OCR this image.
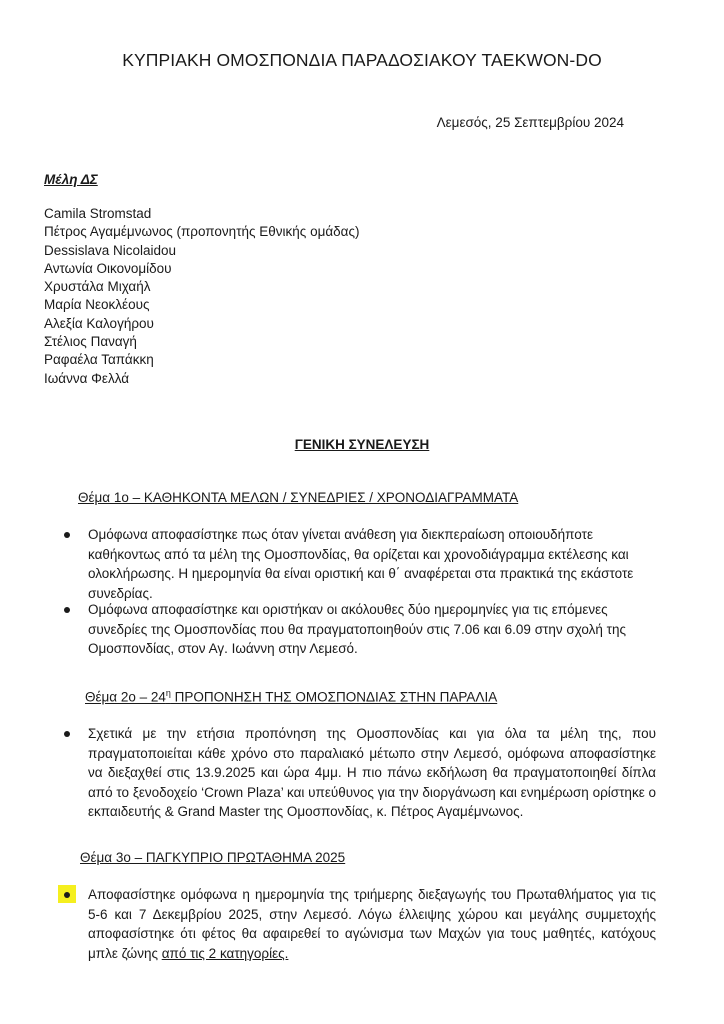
ΚΥΠΡΙΑΚΗ ΟΜΟΣΠΟΝΔΙΑ ΠΑΡΑΔΟΣΙΑΚΟΥ TAEKWON-DO
Λεμεσός, 25 Σεπτεμβρίου 2024
Μέλη ΔΣ
Camila Stromstad
Πέτρος Αγαμέμνωνος (προπονητής Εθνικής ομάδας)
Dessislava Nicolaidou
Αντωνία Οικονομίδου
Χρυστάλα Μιχαήλ
Μαρία Νεοκλέους
Αλεξία Καλογήρου
Στέλιος Παναγή
Ραφαέλα Ταπάκκη
Ιωάννα Φελλά
ΓΕΝΙΚΗ ΣΥΝΕΛΕΥΣΗ
Θέμα 1ο – ΚΑΘΗΚΟΝΤΑ ΜΕΛΩΝ / ΣΥΝΕΔΡΙΕΣ / ΧΡΟΝΟΔΙΑΓΡΑΜΜΑΤΑ

Ομόφωνα αποφασίστηκε πως όταν γίνεται ανάθεση για διεκπεραίωση οποιουδήποτε καθήκοντως από τα μέλη της Ομοσπονδίας, θα ορίζεται και χρονοδιάγραμμα εκτέλεσης και ολοκλήρωσης. Η ημερομηνία θα είναι οριστική και θ΄ αναφέρεται στα πρακτικά της εκάστοτε συνεδρίας.

Ομόφωνα αποφασίστηκε και οριστήκαν οι ακόλουθες δύο ημερομηνίες για τις επόμενες συνεδρίες της Ομοσπονδίας που θα πραγματοποιηθούν στις 7.06 και 6.09 στην σχολή της Ομοσπονδίας, στον Αγ. Ιωάννη στην Λεμεσό.

Θέμα $2o - 24^\eta$ ΠΡΟΠΟΝΗΣΗ ΤΗΣ ΟΜΟΣΠΟΝΔΙΑΣ ΣΤΗΝ ΠΑΡΑΛΙΑ

Σχετικά με την ετήσια προπόνηση της Ομοσπονδίας και για όλα τα μέλη της, που πραγματοποιείται κάθε χρόνο στο παραλιακό μέτωπο στην Λεμεσό, ομόφωνα αποφασίστηκε να διεξαχθεί στις 13.9.2025 και ώρα 4μμ. Η πιο πάνω εκδήλωση θα πραγματοποιηθεί δίπλα από το ξενοδοχείο ‘Crown Plaza’ και υπεύθυνος για την διοργάνωση και ενημέρωση ορίστηκε ο εκπαιδευτής & Grand Master της Ομοσπονδίας, κ. Πέτρος Αγαμέμνωνος.

Θέμα 3ο – ΠΑΓΚΥΠΡΙΟ ΠΡΩΤΑΘΗΜΑ 2025

Αποφασίστηκε ομόφωνα η ημερομηνία της τριήμερης διεξαγωγής του Πρωταθλήματος για τις 5-6 και 7 Δεκεμβρίου 2025, στην Λεμεσό. Λόγω έλλειψης χώρου και μεγάλης συμμετοχής αποφασίστηκε ότι φέτος θα αφαιρεθεί το αγώνισμα των Μαχών για τους μαθητές, κατόχους μπλε ζώνης από τις 2 κατηγορίες.
